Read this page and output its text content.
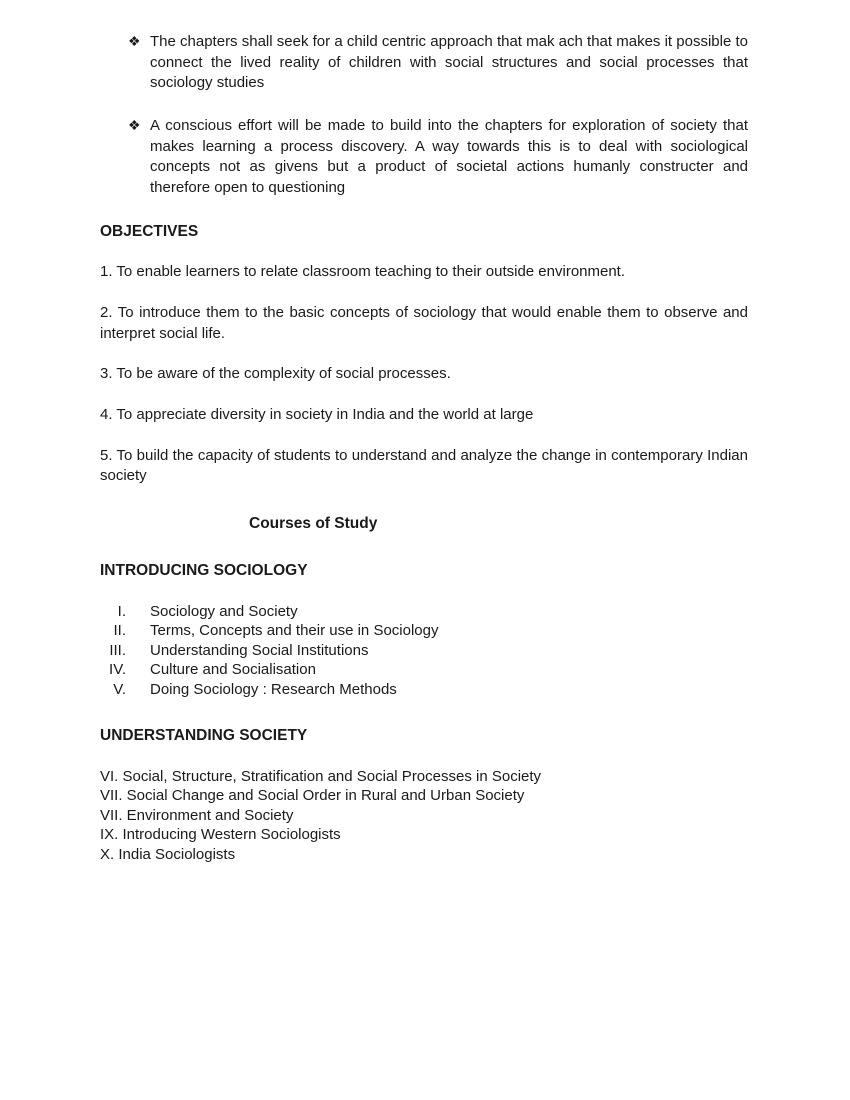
❖ The chapters shall seek for a child centric approach that mak ach that makes it possible to connect the lived reality of children with social structures and social processes that sociology studies
❖ A conscious effort will be made to build into the chapters for exploration of society that makes learning a process discovery. A way towards this is to deal with sociological concepts not as givens but a product of societal actions humanly constructer and therefore open to questioning
OBJECTIVES

1. To enable learners to relate classroom teaching to their outside environment.

2. To introduce them to the basic concepts of sociology that would enable them to observe and interpret social life.

3. To be aware of the complexity of social processes.

4. To appreciate diversity in society in India and the world at large

5. To build the capacity of students to understand and analyze the change in contemporary Indian society

Courses of Study
INTRODUCING SOCIOLOGY
I. Sociology and Society
II. Terms, Concepts and their use in Sociology
III. Understanding Social Institutions
IV. Culture and Socialisation
V. Doing Sociology : Research Methods
UNDERSTANDING SOCIETY

VI. Social, Structure, Stratification and Social Processes in Society

VII. Social Change and Social Order in Rural and Urban Society

VII. Environment and Society

IX. Introducing Western Sociologists

X. India Sociologists
